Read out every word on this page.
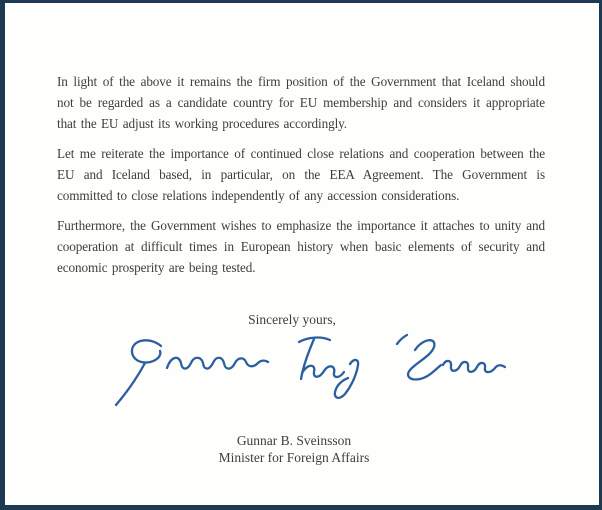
In light of the above it remains the firm position of the Government that Iceland should not be regarded as a candidate country for EU membership and considers it appropriate that the EU adjust its working procedures accordingly.

Let me reiterate the importance of continued close relations and cooperation between the EU and Iceland based, in particular, on the EEA Agreement. The Government is committed to close relations independently of any accession considerations.

Furthermore, the Government wishes to emphasize the importance it attaches to unity and cooperation at difficult times in European history when basic elements of security and economic prosperity are being tested.

Sincerely yours,
Gunnar B. Sveinsson
Minister for Foreign Affairs
